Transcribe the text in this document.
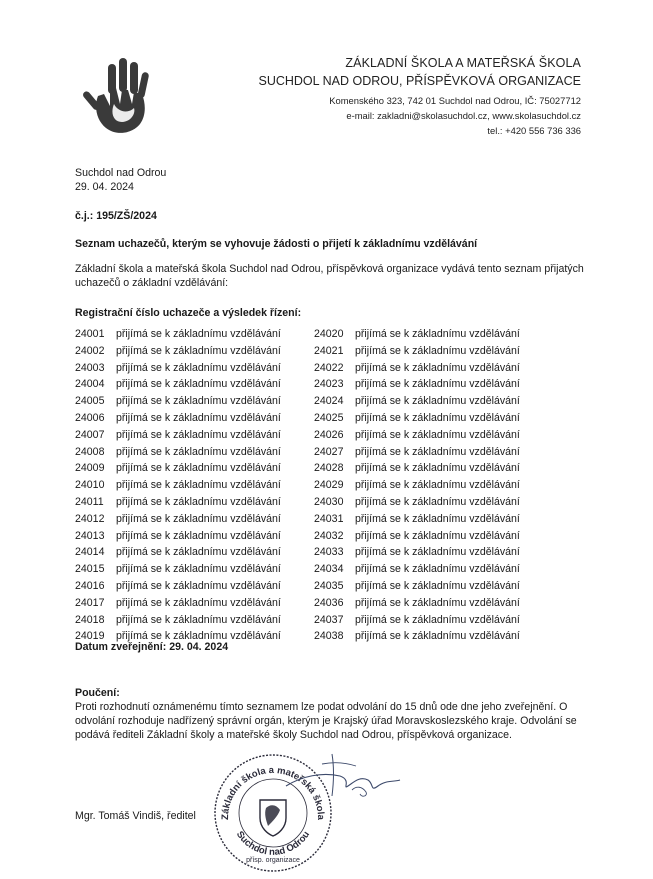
ZÁKLADNÍ ŠKOLA A MATEŘSKÁ ŠKOLA
SUCHDOL NAD ODROU, PŘÍSPĚVKOVÁ ORGANIZACE
Komenského 323, 742 01 Suchdol nad Odrou, IČ: 75027712
e-mail: zakladni@skolasuchdol.cz, www.skolasuchdol.cz
tel.: +420 556 736 336
Suchdol nad Odrou
29. 04. 2024
č.j.: 195/ZŠ/2024
Seznam uchazečů, kterým se vyhovuje žádosti o přijetí k základnímu vzdělávání
Základní škola a mateřská škola Suchdol nad Odrou, příspěvková organizace vydává tento seznam přijatých uchazečů o základní vzdělávání:
Registrační číslo uchazeče a výsledek řízení:
24001 přijímá se k základnímu vzdělávání
24002 přijímá se k základnímu vzdělávání
24003 přijímá se k základnímu vzdělávání
24004 přijímá se k základnímu vzdělávání
24005 přijímá se k základnímu vzdělávání
24006 přijímá se k základnímu vzdělávání
24007 přijímá se k základnímu vzdělávání
24008 přijímá se k základnímu vzdělávání
24009 přijímá se k základnímu vzdělávání
24010 přijímá se k základnímu vzdělávání
24011 přijímá se k základnímu vzdělávání
24012 přijímá se k základnímu vzdělávání
24013 přijímá se k základnímu vzdělávání
24014 přijímá se k základnímu vzdělávání
24015 přijímá se k základnímu vzdělávání
24016 přijímá se k základnímu vzdělávání
24017 přijímá se k základnímu vzdělávání
24018 přijímá se k základnímu vzdělávání
24019 přijímá se k základnímu vzdělávání
24020 přijímá se k základnímu vzdělávání
24021 přijímá se k základnímu vzdělávání
24022 přijímá se k základnímu vzdělávání
24023 přijímá se k základnímu vzdělávání
24024 přijímá se k základnímu vzdělávání
24025 přijímá se k základnímu vzdělávání
24026 přijímá se k základnímu vzdělávání
24027 přijímá se k základnímu vzdělávání
24028 přijímá se k základnímu vzdělávání
24029 přijímá se k základnímu vzdělávání
24030 přijímá se k základnímu vzdělávání
24031 přijímá se k základnímu vzdělávání
24032 přijímá se k základnímu vzdělávání
24033 přijímá se k základnímu vzdělávání
24034 přijímá se k základnímu vzdělávání
24035 přijímá se k základnímu vzdělávání
24036 přijímá se k základnímu vzdělávání
24037 přijímá se k základnímu vzdělávání
24038 přijímá se k základnímu vzdělávání
Datum zveřejnění: 29. 04. 2024
Poučení:
Proti rozhodnutí oznámenému tímto seznamem lze podat odvolání do 15 dnů ode dne jeho zveřejnění. O odvolání rozhoduje nadřízený správní orgán, kterým je Krajský úřad Moravskoslezského kraje. Odvolání se podává řediteli Základní školy a mateřské školy Suchdol nad Odrou, příspěvková organizace.
Mgr. Tomáš Vindiš, ředitel	Základní škola a mateřská škola
Suchdol nad Odrou
přísp. organizace
